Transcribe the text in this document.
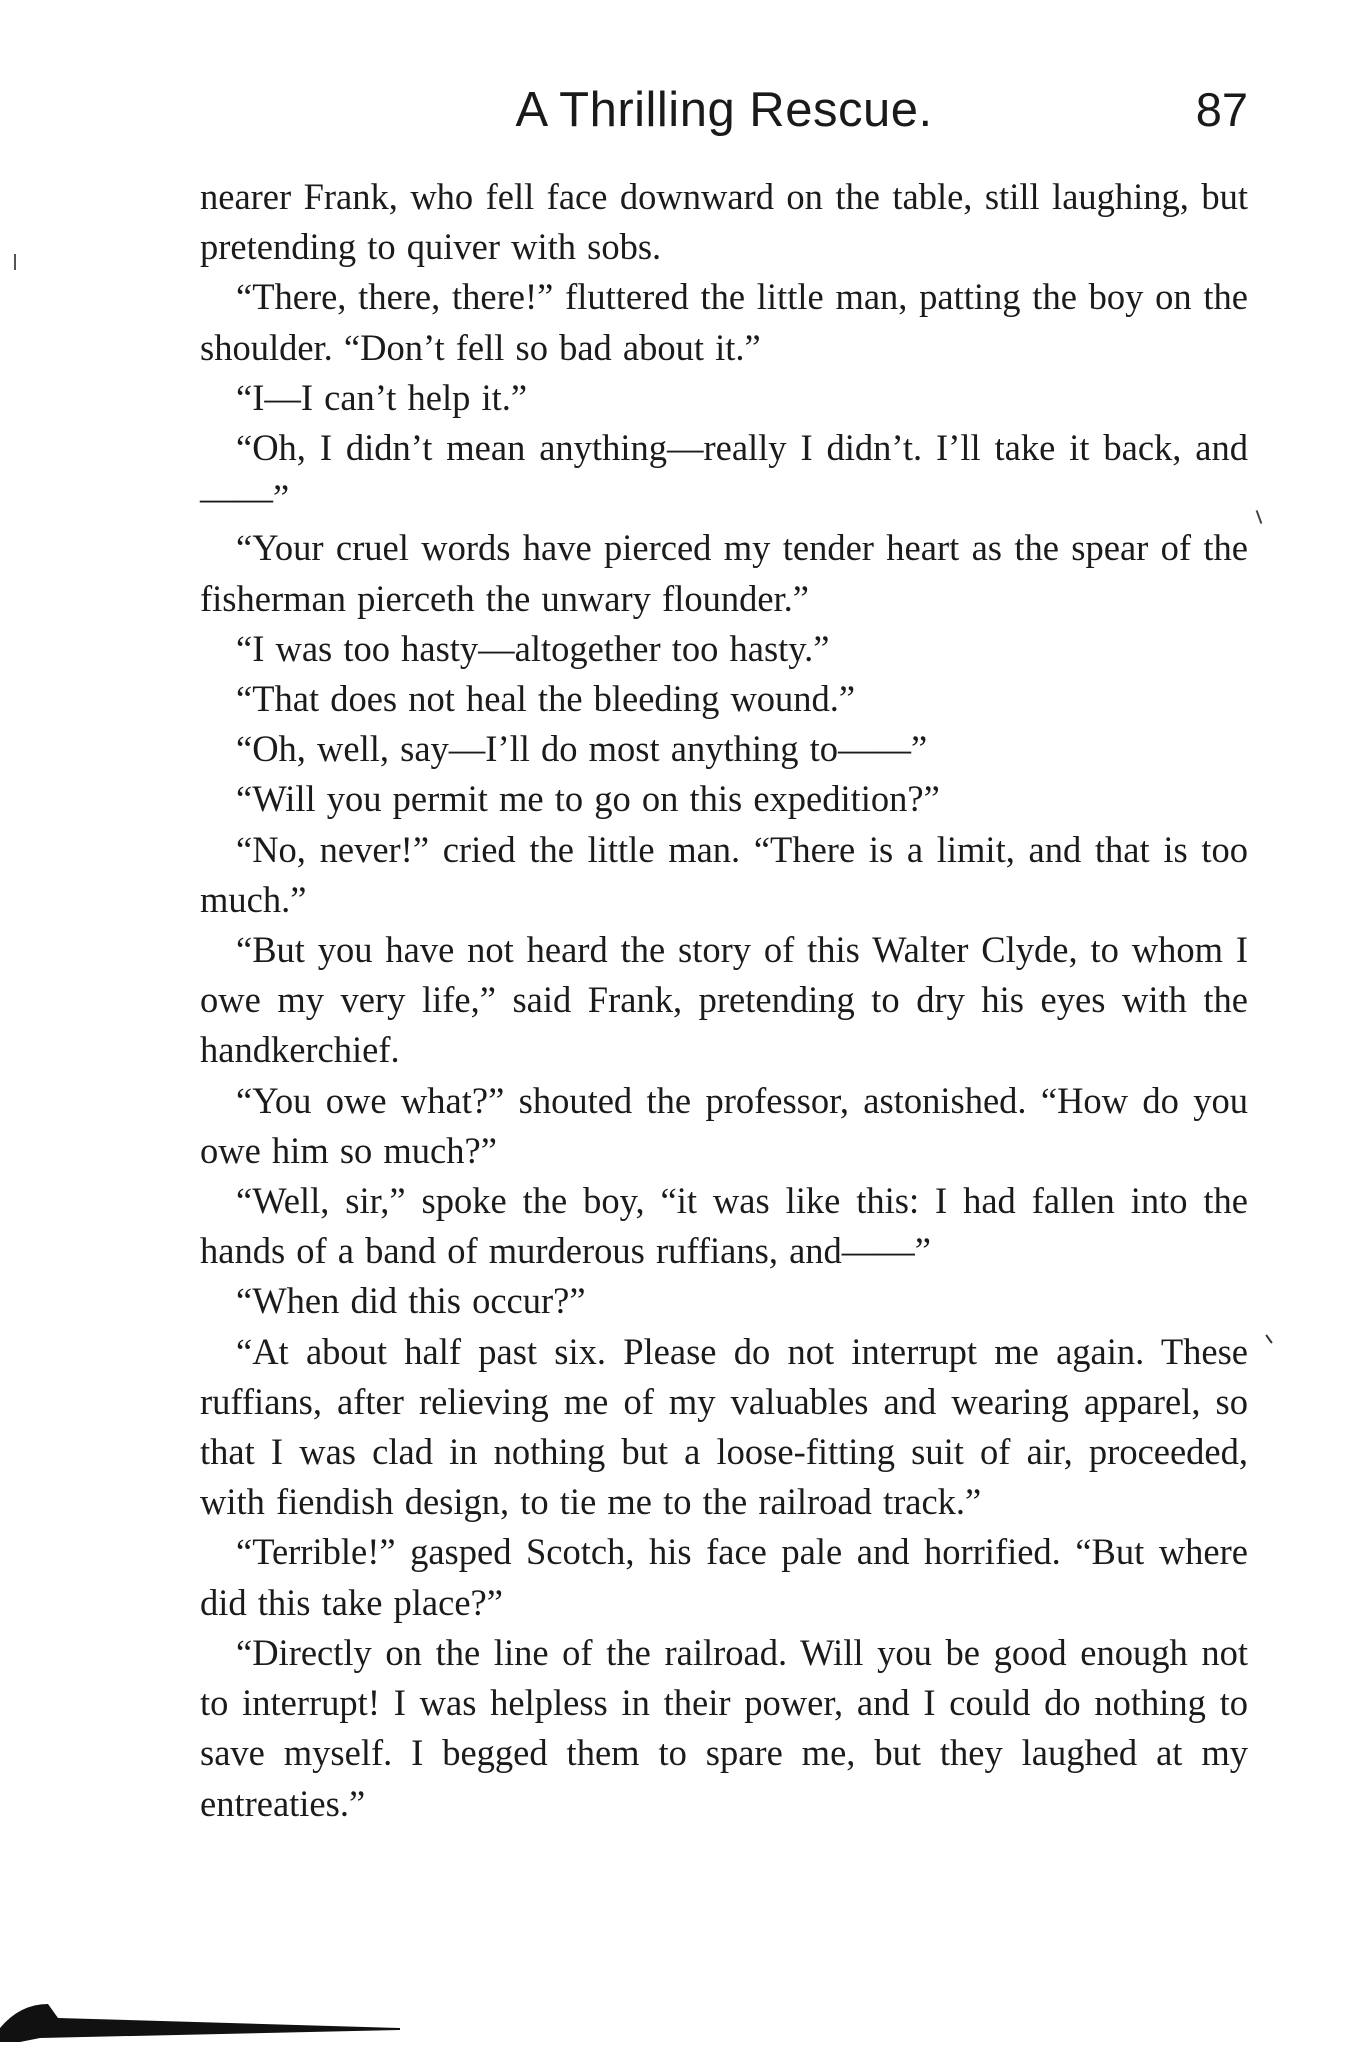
A Thrilling Rescue.	87

nearer Frank, who fell face downward on the table, still laughing, but pretending to quiver with sobs.

“There, there, there!” fluttered the little man, patting the boy on the shoulder. “Don’t fell so bad about it.”

“I—I can’t help it.”

“Oh, I didn’t mean anything—really I didn’t. I’ll take it back, and——”

“Your cruel words have pierced my tender heart as the spear of the fisherman pierceth the unwary flounder.”

“I was too hasty—altogether too hasty.”

“That does not heal the bleeding wound.”

“Oh, well, say—I’ll do most anything to——”

“Will you permit me to go on this expedition?”

“No, never!” cried the little man. “There is a limit, and that is too much.”

“But you have not heard the story of this Walter Clyde, to whom I owe my very life,” said Frank, pretending to dry his eyes with the handkerchief.

“You owe what?” shouted the professor, astonished. “How do you owe him so much?”

“Well, sir,” spoke the boy, “it was like this: I had fallen into the hands of a band of murderous ruffians, and——”

“When did this occur?”

“At about half past six. Please do not interrupt me again. These ruffians, after relieving me of my valuables and wearing apparel, so that I was clad in nothing but a loose-fitting suit of air, proceeded, with fiendish design, to tie me to the railroad track.”

“Terrible!” gasped Scotch, his face pale and horrified. “But where did this take place?”

“Directly on the line of the railroad. Will you be good enough not to interrupt! I was helpless in their power, and I could do nothing to save myself. I begged them to spare me, but they laughed at my entreaties.”
